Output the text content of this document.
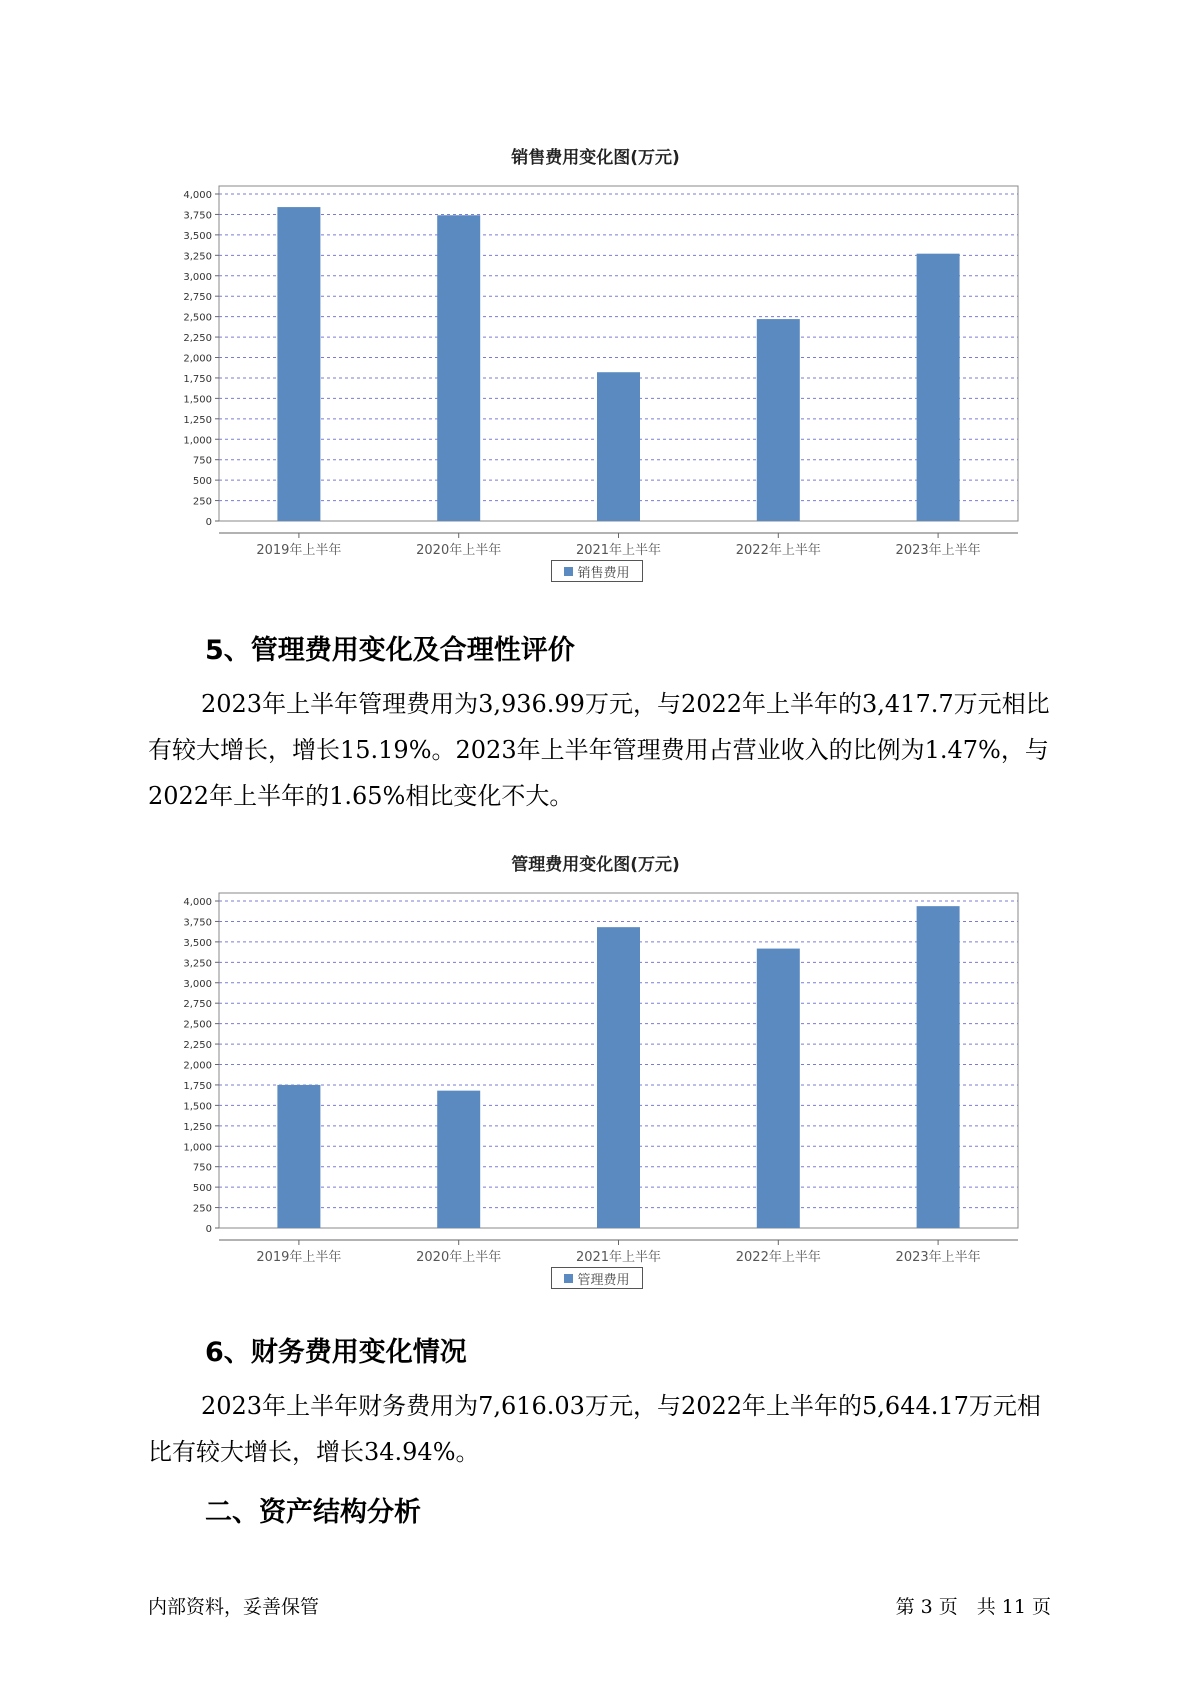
销售费用变化图(万元)
0
250
500
750
1,000
1,250
1,500
1,750
2,000
2,250
2,500
2,750
3,000
3,250
3,500
3,750
4,000
2019年上半年	2020年上半年	2021年上半年	2022年上半年	2023年上半年
销售费用
5、管理费用变化及合理性评价

2023年上半年管理费用为3,936.99万元，与2022年上半年的3,417.7万元相比有较大增长，增长15.19%。2023年上半年管理费用占营业收入的比例为1.47%，与2022年上半年的1.65%相比变化不大。

管理费用变化图(万元)
0
250
500
750
1,000
1,250
1,500
1,750
2,000
2,250
2,500
2,750
3,000
3,250
3,500
3,750
4,000
2019年上半年	2020年上半年	2021年上半年	2022年上半年	2023年上半年
管理费用
6、财务费用变化情况

2023年上半年财务费用为7,616.03万元，与2022年上半年的5,644.17万元相比有较大增长，增长34.94%。

二、资产结构分析
内部资料，妥善保管	第 3 页　共 11 页
